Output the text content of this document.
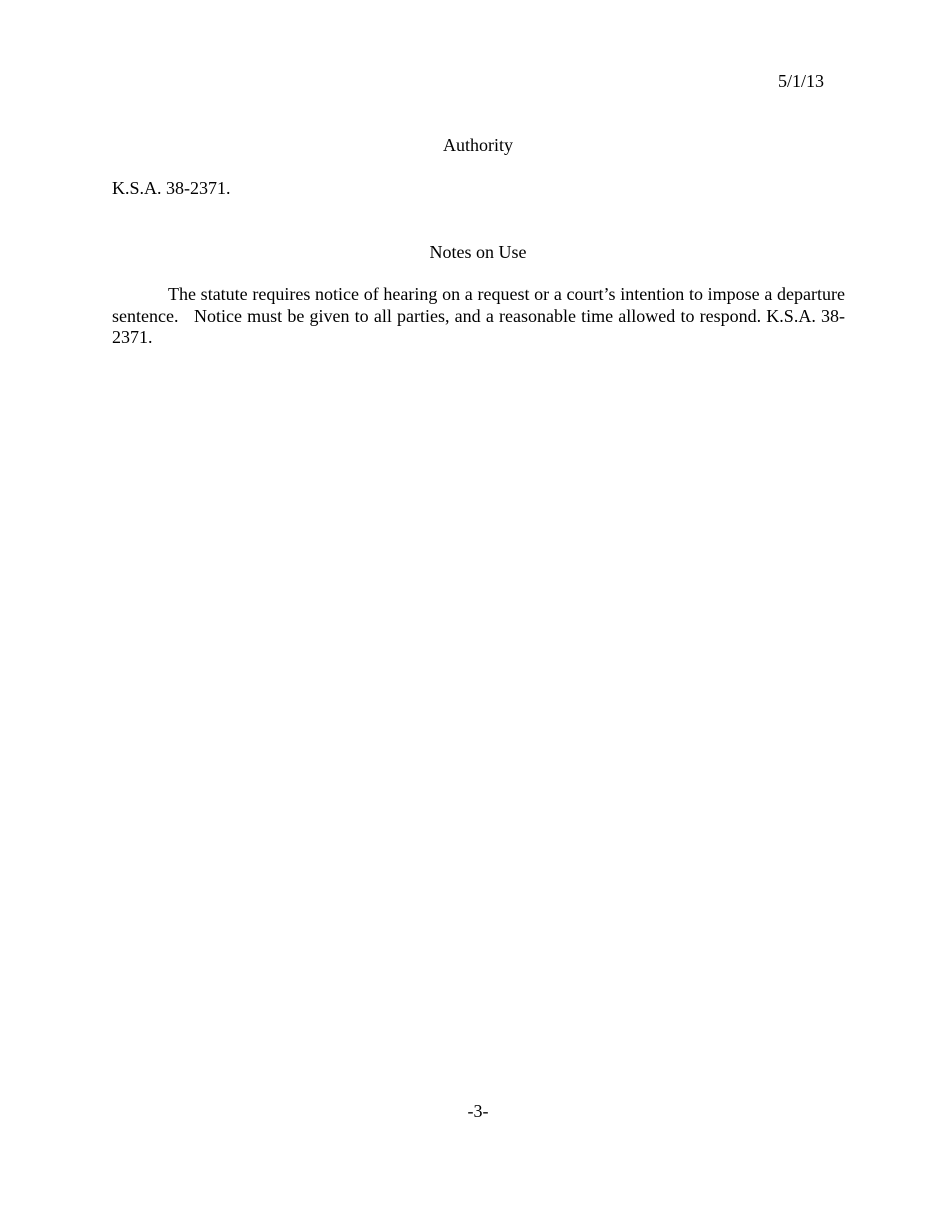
5/1/13
Authority
K.S.A. 38-2371.
Notes on Use
The statute requires notice of hearing on a request or a court’s intention to impose a departure sentence.   Notice must be given to all parties, and a reasonable time allowed to respond. K.S.A. 38-2371.
-3-
